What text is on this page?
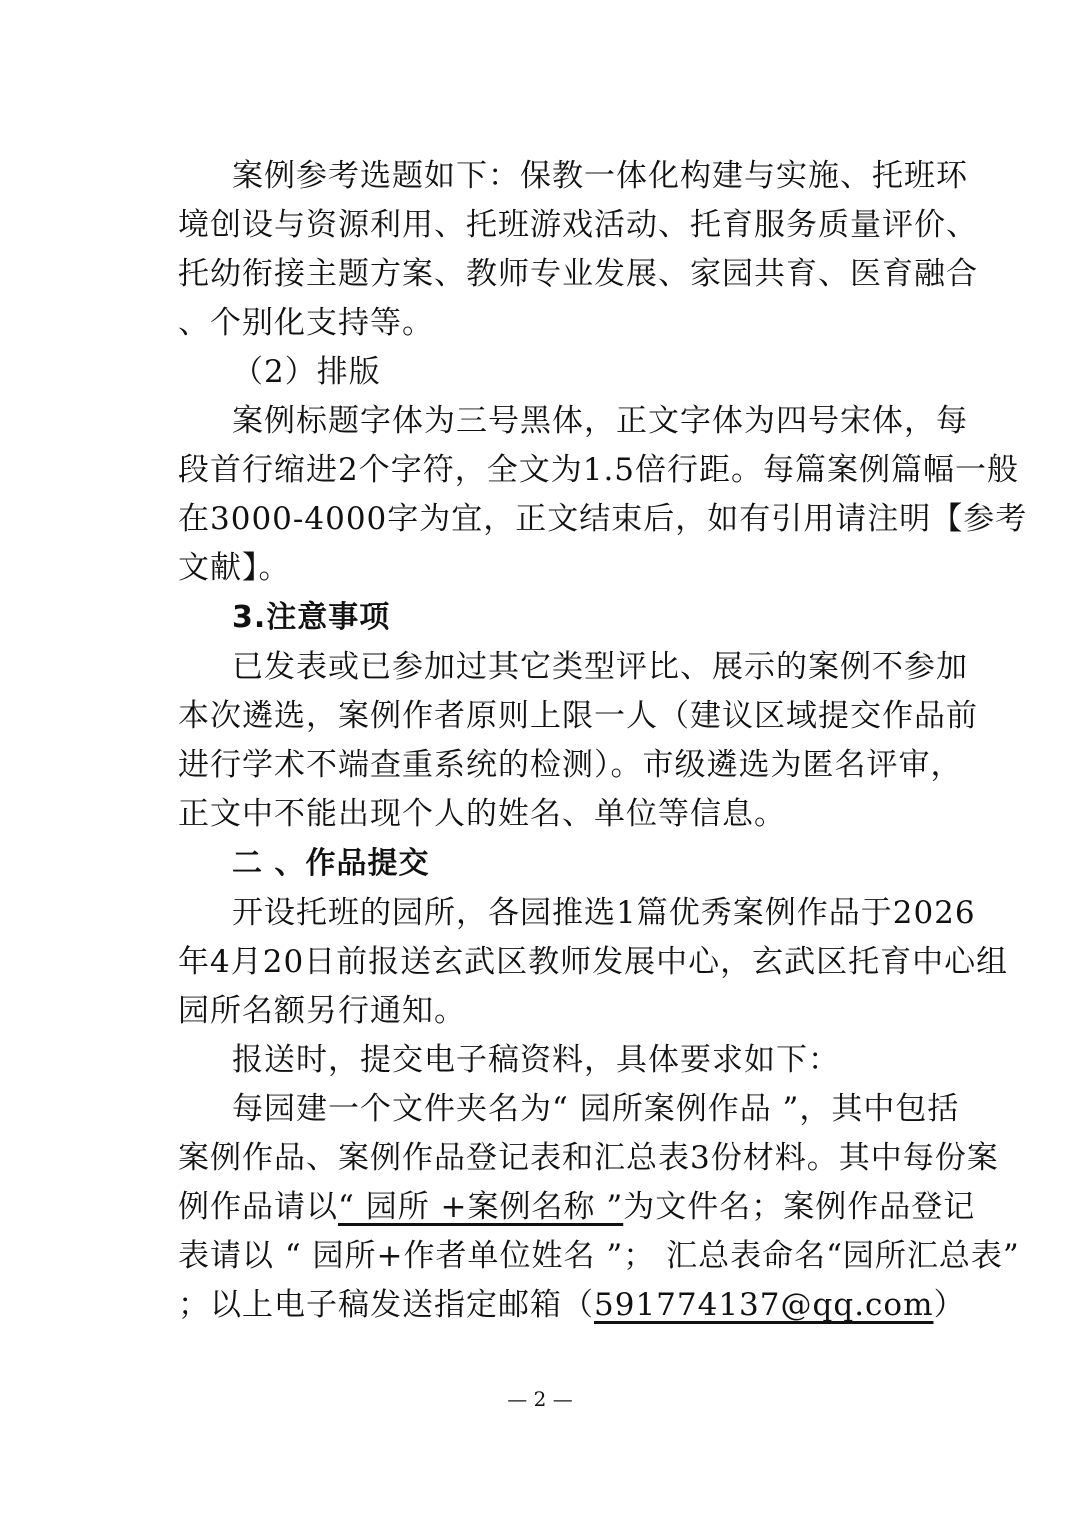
案例参考选题如下：保教一体化构建与实施、托班环
境创设与资源利用、托班游戏活动、托育服务质量评价、
托幼衔接主题方案、教师专业发展、家园共育、医育融合
、个别化支持等。
（2）排版
案例标题字体为三号黑体，正文字体为四号宋体，每
段首行缩进2个字符，全文为1.5倍行距。每篇案例篇幅一般
在3000-4000字为宜，正文结束后，如有引用请注明【参考
文献】。
3.注意事项
已发表或已参加过其它类型评比、展示的案例不参加
本次遴选，案例作者原则上限一人（建议区域提交作品前
进行学术不端查重系统的检测）。市级遴选为匿名评审，
正文中不能出现个人的姓名、单位等信息。
二 、作品提交
开设托班的园所，各园推选1篇优秀案例作品于2026
年4月20日前报送玄武区教师发展中心，玄武区托育中心组
园所名额另行通知。
报送时，提交电子稿资料，具体要求如下：
每园建一个文件夹名为“ 园所案例作品 ”，其中包括
案例作品、案例作品登记表和汇总表3份材料。其中每份案
例作品请以“ 园所 +案例名称 ”为文件名；案例作品登记
表请以 “ 园所+作者单位姓名 ”； 汇总表命名“园所汇总表”
；以上电子稿发送指定邮箱（591774137@qq.com）
— 2 —
